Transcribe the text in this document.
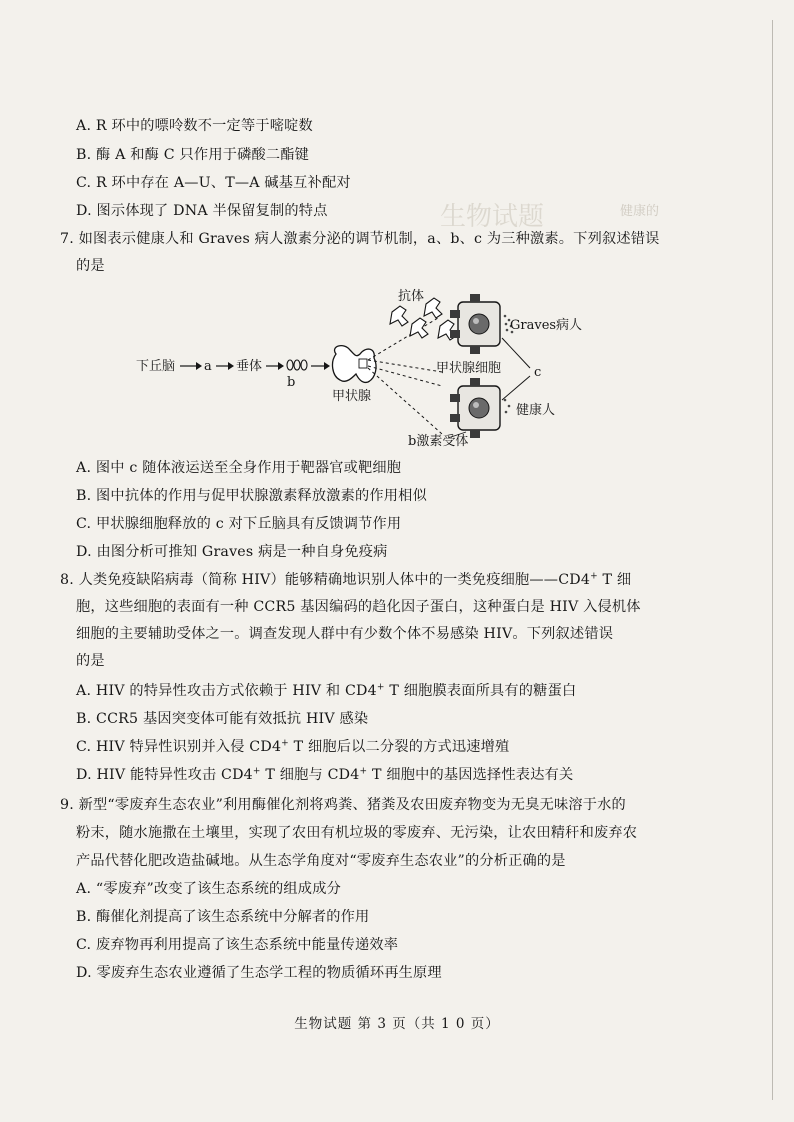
生物试题	健康的
A. R 环中的嘌呤数不一定等于嘧啶数
B. 酶 A 和酶 C 只作用于磷酸二酯键
C. R 环中存在 A—U、T—A 碱基互补配对
D. 图示体现了 DNA 半保留复制的特点
7. 如图表示健康人和 Graves 病人激素分泌的调节机制，a、b、c 为三种激素。下列叙述错误
的是
下丘脑 a 垂体
b
甲状腺
抗体
Graves病人
甲状腺细胞	c
健康人
b激素受体
A. 图中 c 随体液运送至全身作用于靶器官或靶细胞
B. 图中抗体的作用与促甲状腺激素释放激素的作用相似
C. 甲状腺细胞释放的 c 对下丘脑具有反馈调节作用
D. 由图分析可推知 Graves 病是一种自身免疫病
8. 人类免疫缺陷病毒（简称 HIV）能够精确地识别人体中的一类免疫细胞——CD4+ T 细
胞，这些细胞的表面有一种 CCR5 基因编码的趋化因子蛋白，这种蛋白是 HIV 入侵机体
细胞的主要辅助受体之一。调查发现人群中有少数个体不易感染 HIV。下列叙述错误
的是
A. HIV 的特异性攻击方式依赖于 HIV 和 CD4+ T 细胞膜表面所具有的糖蛋白
B. CCR5 基因突变体可能有效抵抗 HIV 感染
C. HIV 特异性识别并入侵 CD4+ T 细胞后以二分裂的方式迅速增殖
D. HIV 能特异性攻击 CD4+ T 细胞与 CD4+ T 细胞中的基因选择性表达有关
9. 新型“零废弃生态农业”利用酶催化剂将鸡粪、猪粪及农田废弃物变为无臭无味溶于水的
粉末，随水施撒在土壤里，实现了农田有机垃圾的零废弃、无污染，让农田精秆和废弃农
产品代替化肥改造盐碱地。从生态学角度对“零废弃生态农业”的分析正确的是
A. “零废弃”改变了该生态系统的组成成分
B. 酶催化剂提高了该生态系统中分解者的作用
C. 废弃物再利用提高了该生态系统中能量传递效率
D. 零废弃生态农业遵循了生态学工程的物质循环再生原理
生物试题 第 3 页（共 1 0 页）
